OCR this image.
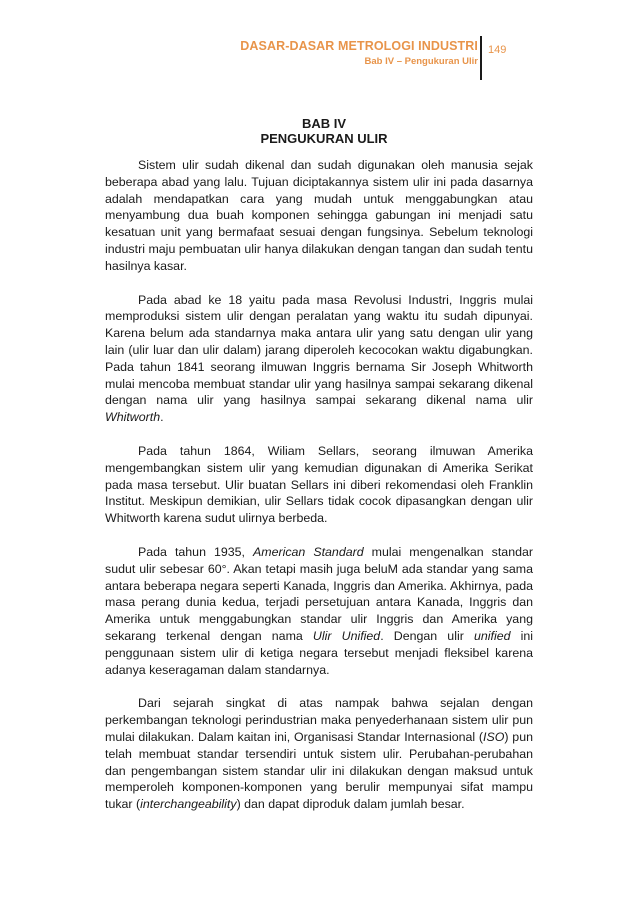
DASAR-DASAR METROLOGI INDUSTRI
Bab IV – Pengukuran Ulir
149
BAB IV
PENGUKURAN ULIR

Sistem ulir sudah dikenal dan sudah digunakan oleh manusia sejak beberapa abad yang lalu. Tujuan diciptakannya sistem ulir ini pada dasarnya adalah mendapatkan cara yang mudah untuk menggabungkan atau menyambung dua buah komponen sehingga gabungan ini menjadi satu kesatuan unit yang bermafaat sesuai dengan fungsinya. Sebelum teknologi industri maju pembuatan ulir hanya dilakukan dengan tangan dan sudah tentu hasilnya kasar.

Pada abad ke 18 yaitu pada masa Revolusi Industri, Inggris mulai memproduksi sistem ulir dengan peralatan yang waktu itu sudah dipunyai. Karena belum ada standarnya maka antara ulir yang satu dengan ulir yang lain (ulir luar dan ulir dalam) jarang diperoleh kecocokan waktu digabungkan. Pada tahun 1841 seorang ilmuwan Inggris bernama Sir Joseph Whitworth mulai mencoba membuat standar ulir yang hasilnya sampai sekarang dikenal dengan nama ulir yang hasilnya sampai sekarang dikenal nama ulir Whitworth.

Pada tahun 1864, Wiliam Sellars, seorang ilmuwan Amerika mengembangkan sistem ulir yang kemudian digunakan di Amerika Serikat pada masa tersebut. Ulir buatan Sellars ini diberi rekomendasi oleh Franklin Institut. Meskipun demikian, ulir Sellars tidak cocok dipasangkan dengan ulir Whitworth karena sudut ulirnya berbeda.

Pada tahun 1935, American Standard mulai mengenalkan standar sudut ulir sebesar 60°. Akan tetapi masih juga beluM ada standar yang sama antara beberapa negara seperti Kanada, Inggris dan Amerika. Akhirnya, pada masa perang dunia kedua, terjadi persetujuan antara Kanada, Inggris dan Amerika untuk menggabungkan standar ulir Inggris dan Amerika yang sekarang terkenal dengan nama Ulir Unified. Dengan ulir unified ini penggunaan sistem ulir di ketiga negara tersebut menjadi fleksibel karena adanya keseragaman dalam standarnya.

Dari sejarah singkat di atas nampak bahwa sejalan dengan perkembangan teknologi perindustrian maka penyederhanaan sistem ulir pun mulai dilakukan. Dalam kaitan ini, Organisasi Standar Internasional (ISO) pun telah membuat standar tersendiri untuk sistem ulir. Perubahan-perubahan dan pengembangan sistem standar ulir ini dilakukan dengan maksud untuk memperoleh komponen-komponen yang berulir mempunyai sifat mampu tukar (interchangeability) dan dapat diproduk dalam jumlah besar.
